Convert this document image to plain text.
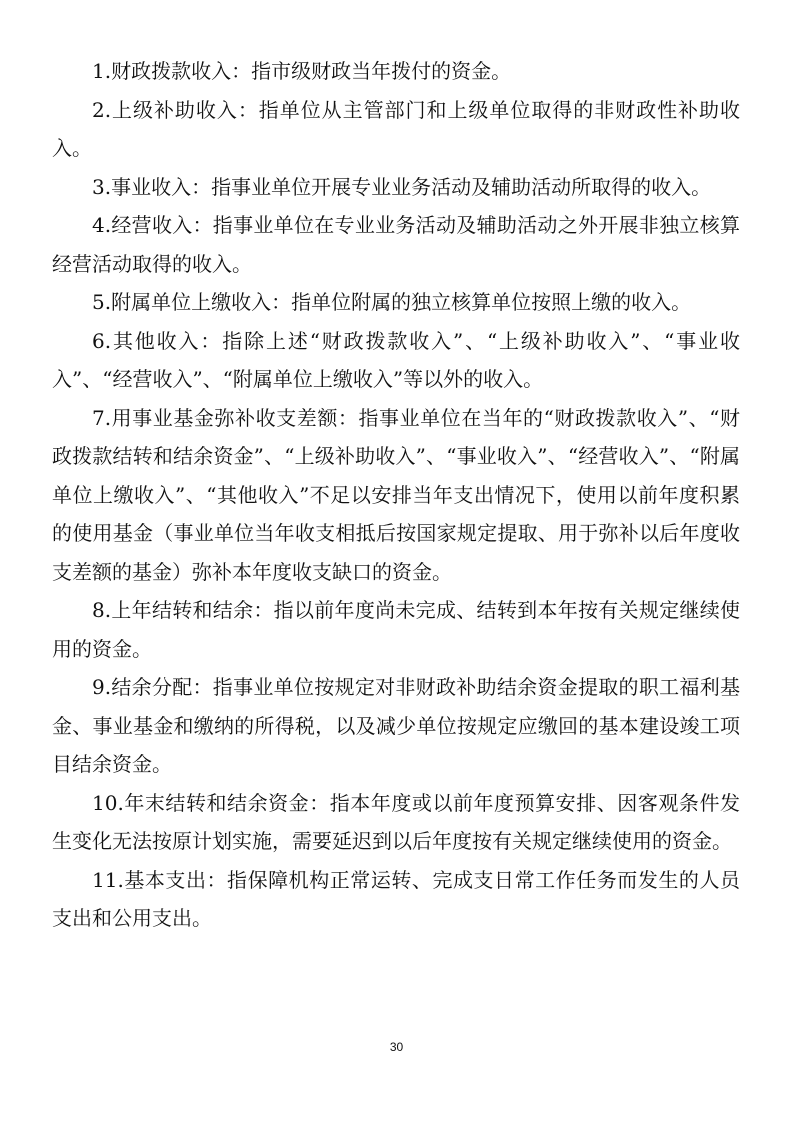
1.财政拨款收入：指市级财政当年拨付的资金。

2.上级补助收入：指单位从主管部门和上级单位取得的非财政性补助收入。

3.事业收入：指事业单位开展专业业务活动及辅助活动所取得的收入。

4.经营收入：指事业单位在专业业务活动及辅助活动之外开展非独立核算经营活动取得的收入。

5.附属单位上缴收入：指单位附属的独立核算单位按照上缴的收入。

6.其他收入：指除上述“财政拨款收入”、“上级补助收入”、“事业收入”、“经营收入”、“附属单位上缴收入”等以外的收入。

7.用事业基金弥补收支差额：指事业单位在当年的“财政拨款收入”、“财政拨款结转和结余资金”、“上级补助收入”、“事业收入”、“经营收入”、“附属单位上缴收入”、“其他收入”不足以安排当年支出情况下，使用以前年度积累的使用基金（事业单位当年收支相抵后按国家规定提取、用于弥补以后年度收支差额的基金）弥补本年度收支缺口的资金。

8.上年结转和结余：指以前年度尚未完成、结转到本年按有关规定继续使用的资金。

9.结余分配：指事业单位按规定对非财政补助结余资金提取的职工福利基金、事业基金和缴纳的所得税，以及减少单位按规定应缴回的基本建设竣工项目结余资金。

10.年末结转和结余资金：指本年度或以前年度预算安排、因客观条件发生变化无法按原计划实施，需要延迟到以后年度按有关规定继续使用的资金。

11.基本支出：指保障机构正常运转、完成支日常工作任务而发生的人员支出和公用支出。

30
